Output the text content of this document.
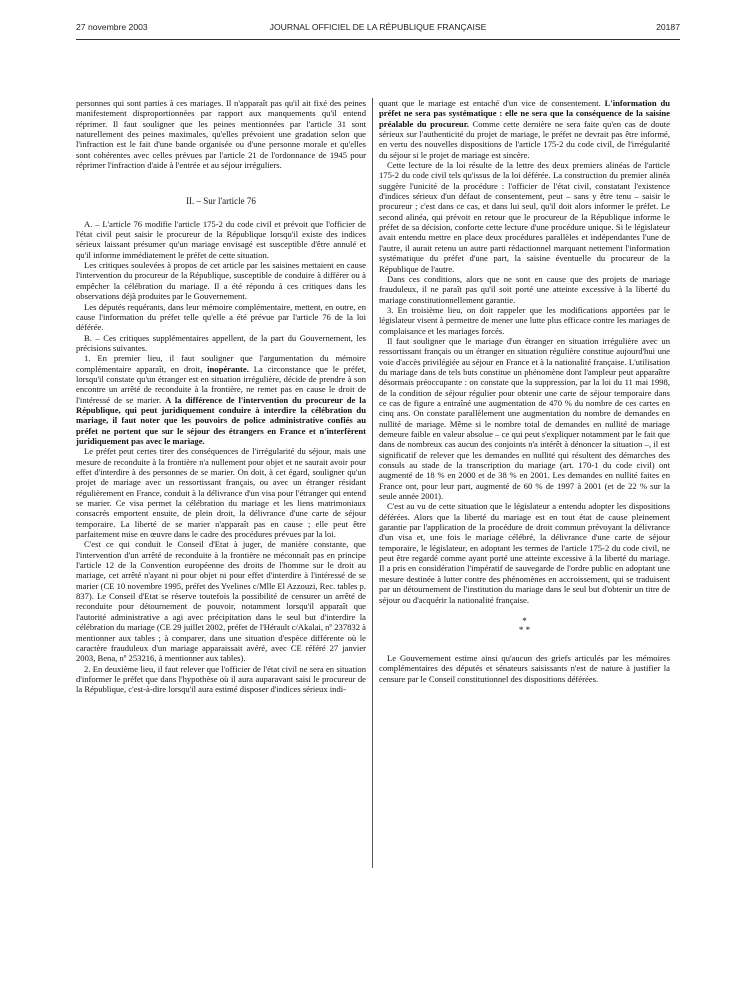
27 novembre 2003	JOURNAL OFFICIEL DE LA RÉPUBLIQUE FRANÇAISE	20187

personnes qui sont parties à ces mariages. Il n'apparaît pas qu'il ait fixé des peines manifestement disproportionnées par rapport aux manquements qu'il entend réprimer. Il faut souligner que les peines mentionnées par l'article 31 sont naturellement des peines maximales, qu'elles prévoient une gradation selon que l'infraction est le fait d'une bande organisée ou d'une personne morale et qu'elles sont cohérentes avec celles prévues par l'article 21 de l'ordonnance de 1945 pour réprimer l'infraction d'aide à l'entrée et au séjour irréguliers.

II. – Sur l'article 76

A. – L'article 76 modifie l'article 175-2 du code civil et prévoit que l'officier de l'état civil peut saisir le procureur de la République lorsqu'il existe des indices sérieux laissant présumer qu'un mariage envisagé est susceptible d'être annulé et qu'il informe immédiatement le préfet de cette situation.

Les critiques soulevées à propos de cet article par les saisines mettaient en cause l'intervention du procureur de la République, susceptible de conduire à différer ou à empêcher la célébration du mariage. Il a été répondu à ces critiques dans les observations déjà produites par le Gouvernement.

Les députés requérants, dans leur mémoire complémentaire, mettent, en outre, en cause l'information du préfet telle qu'elle a été prévue par l'article 76 de la loi déférée.

B. – Ces critiques supplémentaires appellent, de la part du Gouvernement, les précisions suivantes.

1. En premier lieu, il faut souligner que l'argumentation du mémoire complémentaire apparaît, en droit, inopérante. La circonstance que le préfet, lorsqu'il constate qu'un étranger est en situation irrégulière, décide de prendre à son encontre un arrêté de reconduite à la frontière, ne remet pas en cause le droit de l'intéressé de se marier. A la différence de l'intervention du procureur de la République, qui peut juridiquement conduire à interdire la célébration du mariage, il faut noter que les pouvoirs de police administrative confiés au préfet ne portent que sur le séjour des étrangers en France et n'interfèrent juridiquement pas avec le mariage.

Le préfet peut certes tirer des conséquences de l'irrégularité du séjour, mais une mesure de reconduite à la frontière n'a nullement pour objet et ne saurait avoir pour effet d'interdire à des personnes de se marier. On doit, à cet égard, souligner qu'un projet de mariage avec un ressortissant français, ou avec un étranger résidant régulièrement en France, conduit à la délivrance d'un visa pour l'étranger qui entend se marier. Ce visa permet la célébration du mariage et les liens matrimoniaux consacrés emportent ensuite, de plein droit, la délivrance d'une carte de séjour temporaire. La liberté de se marier n'apparaît pas en cause ; elle peut être parfaitement mise en œuvre dans le cadre des procédures prévues par la loi.

C'est ce qui conduit le Conseil d'Etat à juger, de manière constante, que l'intervention d'un arrêté de reconduite à la frontière ne méconnaît pas en principe l'article 12 de la Convention européenne des droits de l'homme sur le droit au mariage, cet arrêté n'ayant ni pour objet ni pour effet d'interdire à l'intéressé de se marier (CE 10 novembre 1995, préfet des Yvelines c/Mlle El Azzouzi, Rec. tables p. 837). Le Conseil d'Etat se réserve toutefois la possibilité de censurer un arrêté de reconduite pour détournement de pouvoir, notamment lorsqu'il apparaît que l'autorité administrative a agi avec précipitation dans le seul but d'interdire la célébration du mariage (CE 29 juillet 2002, préfet de l'Hérault c/Akalai, nº 237832 à mentionner aux tables ; à comparer, dans une situation d'espèce différente où le caractère frauduleux d'un mariage apparaissait avéré, avec CE référé 27 janvier 2003, Bena, nº 253216, à mentionner aux tables).

2. En deuxième lieu, il faut relever que l'officier de l'état civil ne sera en situation d'informer le préfet que dans l'hypothèse où il aura auparavant saisi le procureur de la République, c'est-à-dire lorsqu'il aura estimé disposer d'indices sérieux indi-

quant que le mariage est entaché d'un vice de consentement. L'information du préfet ne sera pas systématique : elle ne sera que la conséquence de la saisine préalable du procureur. Comme cette dernière ne sera faite qu'en cas de doute sérieux sur l'authenticité du projet de mariage, le préfet ne devrait pas être informé, en vertu des nouvelles dispositions de l'article 175-2 du code civil, de l'irrégularité du séjour si le projet de mariage est sincère.

Cette lecture de la loi résulte de la lettre des deux premiers alinéas de l'article 175-2 du code civil tels qu'issus de la loi déférée. La construction du premier alinéa suggère l'unicité de la procédure : l'officier de l'état civil, constatant l'existence d'indices sérieux d'un défaut de consentement, peut – sans y être tenu – saisir le procureur ; c'est dans ce cas, et dans lui seul, qu'il doit alors informer le préfet. Le second alinéa, qui prévoit en retour que le procureur de la République informe le préfet de sa décision, conforte cette lecture d'une procédure unique. Si le législateur avait entendu mettre en place deux procédures parallèles et indépendantes l'une de l'autre, il aurait retenu un autre parti rédactionnel marquant nettement l'information systématique du préfet d'une part, la saisine éventuelle du procureur de la République de l'autre.

Dans ces conditions, alors que ne sont en cause que des projets de mariage frauduleux, il ne paraît pas qu'il soit porté une atteinte excessive à la liberté du mariage constitutionnellement garantie.

3. En troisième lieu, on doit rappeler que les modifications apportées par le législateur visent à permettre de mener une lutte plus efficace contre les mariages de complaisance et les mariages forcés.

Il faut souligner que le mariage d'un étranger en situation irrégulière avec un ressortissant français ou un étranger en situation régulière constitue aujourd'hui une voie d'accès privilégiée au séjour en France et à la nationalité française. L'utilisation du mariage dans de tels buts constitue un phénomène dont l'ampleur peut apparaître désormais préoccupante : on constate que la suppression, par la loi du 11 mai 1998, de la condition de séjour régulier pour obtenir une carte de séjour temporaire dans ce cas de figure a entraîné une augmentation de 470 % du nombre de ces cartes en cinq ans. On constate parallèlement une augmentation du nombre de demandes en nullité de mariage. Même si le nombre total de demandes en nullité de mariage demeure faible en valeur absolue – ce qui peut s'expliquer notamment par le fait que dans de nombreux cas aucun des conjoints n'a intérêt à dénoncer la situation –, il est significatif de relever que les demandes en nullité qui résultent des démarches des consuls au stade de la transcription du mariage (art. 170-1 du code civil) ont augmenté de 18 % en 2000 et de 38 % en 2001. Les demandes en nullité faites en France ont, pour leur part, augmenté de 60 % de 1997 à 2001 (et de 22 % sur la seule année 2001).

C'est au vu de cette situation que le législateur a entendu adopter les dispositions déférées. Alors que la liberté du mariage est en tout état de cause pleinement garantie par l'application de la procédure de droit commun prévoyant la délivrance d'un visa et, une fois le mariage célébré, la délivrance d'une carte de séjour temporaire, le législateur, en adoptant les termes de l'article 175-2 du code civil, ne peut être regardé comme ayant porté une atteinte excessive à la liberté du mariage. Il a pris en considération l'impératif de sauvegarde de l'ordre public en adoptant une mesure destinée à lutter contre des phénomènes en accroissement, qui se traduisent par un détournement de l'institution du mariage dans le seul but d'obtenir un titre de séjour ou d'acquérir la nationalité française.

*
* *

Le Gouvernement estime ainsi qu'aucun des griefs articulés par les mémoires complémentaires des députés et sénateurs saisissants n'est de nature à justifier la censure par le Conseil constitutionnel des dispositions déférées.
